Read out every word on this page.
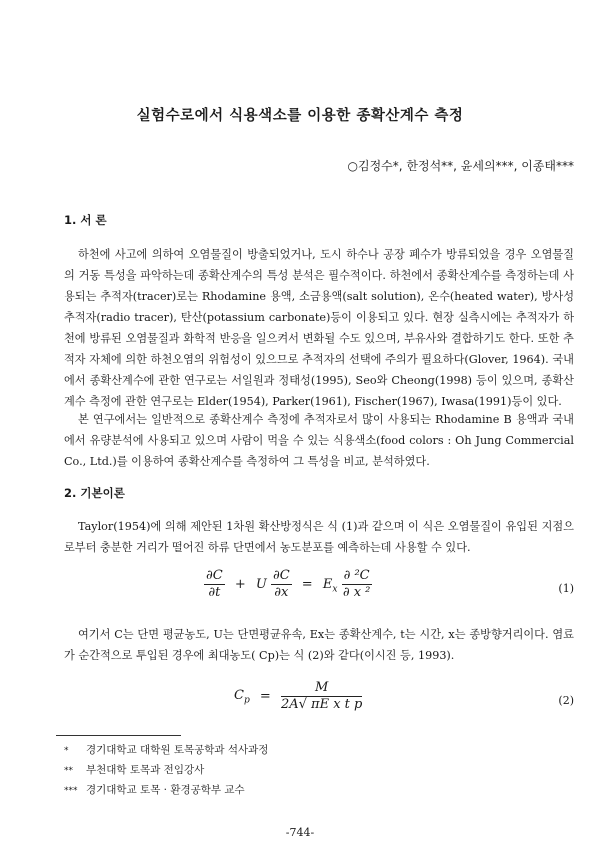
실험수로에서 식용색소를 이용한 종확산계수 측정
○김정수*, 한정석**, 윤세의***, 이종태***
1. 서 론

하천에 사고에 의하여 오염물질이 방출되었거나, 도시 하수나 공장 폐수가 방류되었을 경우 오염물질의 거동 특성을 파악하는데 종확산계수의 특성 분석은 필수적이다. 하천에서 종확산계수를 측정하는데 사용되는 추적자(tracer)로는 Rhodamine 용액, 소금용액(salt solution), 온수(heated water), 방사성 추적자(radio tracer), 탄산(potassium carbonate)등이 이용되고 있다. 현장 실측시에는 추적자가 하천에 방류된 오염물질과 화학적 반응을 일으켜서 변화될 수도 있으며, 부유사와 결합하기도 한다. 또한 추적자 자체에 의한 하천오염의 위험성이 있으므로 추적자의 선택에 주의가 필요하다(Glover, 1964). 국내에서 종확산계수에 관한 연구로는 서일원과 정태성(1995), Seo와 Cheong(1998) 등이 있으며, 종확산계수 측정에 관한 연구로는 Elder(1954), Parker(1961), Fischer(1967), Iwasa(1991)등이 있다.

본 연구에서는 일반적으로 종확산계수 측정에 추적자로서 많이 사용되는 Rhodamine B 용액과 국내에서 유량분석에 사용되고 있으며 사람이 먹을 수 있는 식용색소(food colors : Oh Jung Commercial Co., Ltd.)를 이용하여 종확산계수를 측정하여 그 특성을 비교, 분석하였다.

2. 기본이론

Taylor(1954)에 의해 제안된 1차원 확산방정식은 식 (1)과 같으며 이 식은 오염물질이 유입된 지점으로부터 충분한 거리가 떨어진 하류 단면에서 농도분포를 예측하는데 사용할 수 있다.

$\frac{\partial C}{\partial t} + U \frac{\partial C}{\partial x} = E_x \frac{\text{∂ ²C}}{\text{∂ x ²}}$	(1)

여기서 C는 단면 평균농도, U는 단면평균유속, Ex는 종확산계수, t는 시간, x는 종방향거리이다. 염료가 순간적으로 투입된 경우에 최대농도( Cp)는 식 (2)와 같다(이시진 등, 1993).

$C_p = \frac{M}{\text{2A√ πE x t p}}$	(2)
* 경기대학교 대학원 토목공학과 석사과정
** 부천대학 토목과 전임강사
*** 경기대학교 토목 · 환경공학부 교수
-744-
